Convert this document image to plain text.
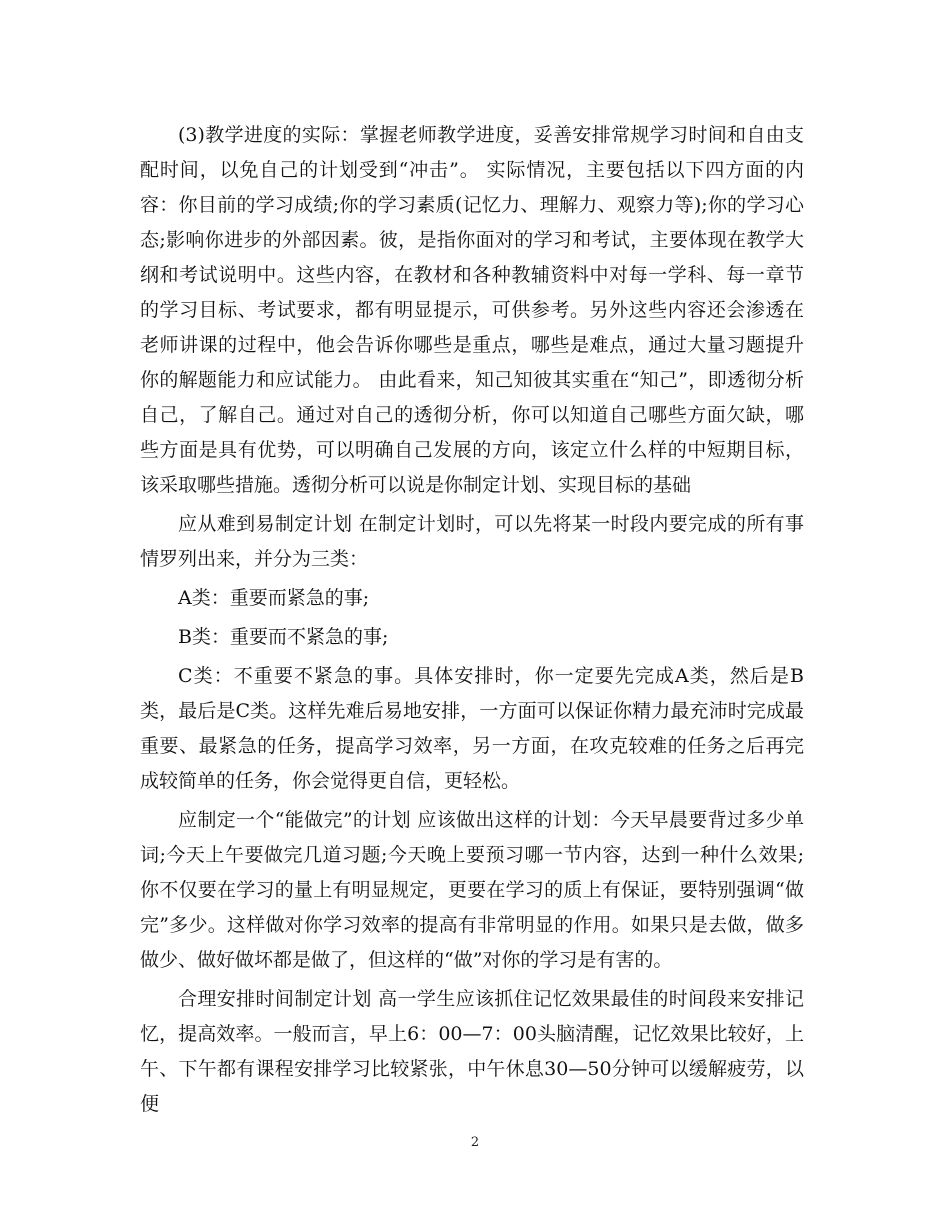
(3)教学进度的实际：掌握老师教学进度，妥善安排常规学习时间和自由支配时间，以免自己的计划受到“冲击”。 实际情况，主要包括以下四方面的内容：你目前的学习成绩;你的学习素质(记忆力、理解力、观察力等);你的学习心态;影响你进步的外部因素。彼，是指你面对的学习和考试，主要体现在教学大纲和考试说明中。这些内容，在教材和各种教辅资料中对每一学科、每一章节的学习目标、考试要求，都有明显提示，可供参考。另外这些内容还会渗透在老师讲课的过程中，他会告诉你哪些是重点，哪些是难点，通过大量习题提升你的解题能力和应试能力。 由此看来，知己知彼其实重在“知己”，即透彻分析自己，了解自己。通过对自己的透彻分析，你可以知道自己哪些方面欠缺，哪些方面是具有优势，可以明确自己发展的方向，该定立什么样的中短期目标，该采取哪些措施。透彻分析可以说是你制定计划、实现目标的基础

应从难到易制定计划 在制定计划时，可以先将某一时段内要完成的所有事情罗列出来，并分为三类：

A类：重要而紧急的事;

B类：重要而不紧急的事;

C类：不重要不紧急的事。具体安排时，你一定要先完成A类，然后是B类，最后是C类。这样先难后易地安排，一方面可以保证你精力最充沛时完成最重要、最紧急的任务，提高学习效率，另一方面，在攻克较难的任务之后再完成较简单的任务，你会觉得更自信，更轻松。

应制定一个“能做完”的计划 应该做出这样的计划：今天早晨要背过多少单词;今天上午要做完几道习题;今天晚上要预习哪一节内容，达到一种什么效果;你不仅要在学习的量上有明显规定，更要在学习的质上有保证，要特别强调“做完”多少。这样做对你学习效率的提高有非常明显的作用。如果只是去做，做多做少、做好做坏都是做了，但这样的“做”对你的学习是有害的。

合理安排时间制定计划 高一学生应该抓住记忆效果最佳的时间段来安排记忆，提高效率。一般而言，早上6：00—7：00头脑清醒，记忆效果比较好，上午、下午都有课程安排学习比较紧张，中午休息30—50分钟可以缓解疲劳，以便

2
